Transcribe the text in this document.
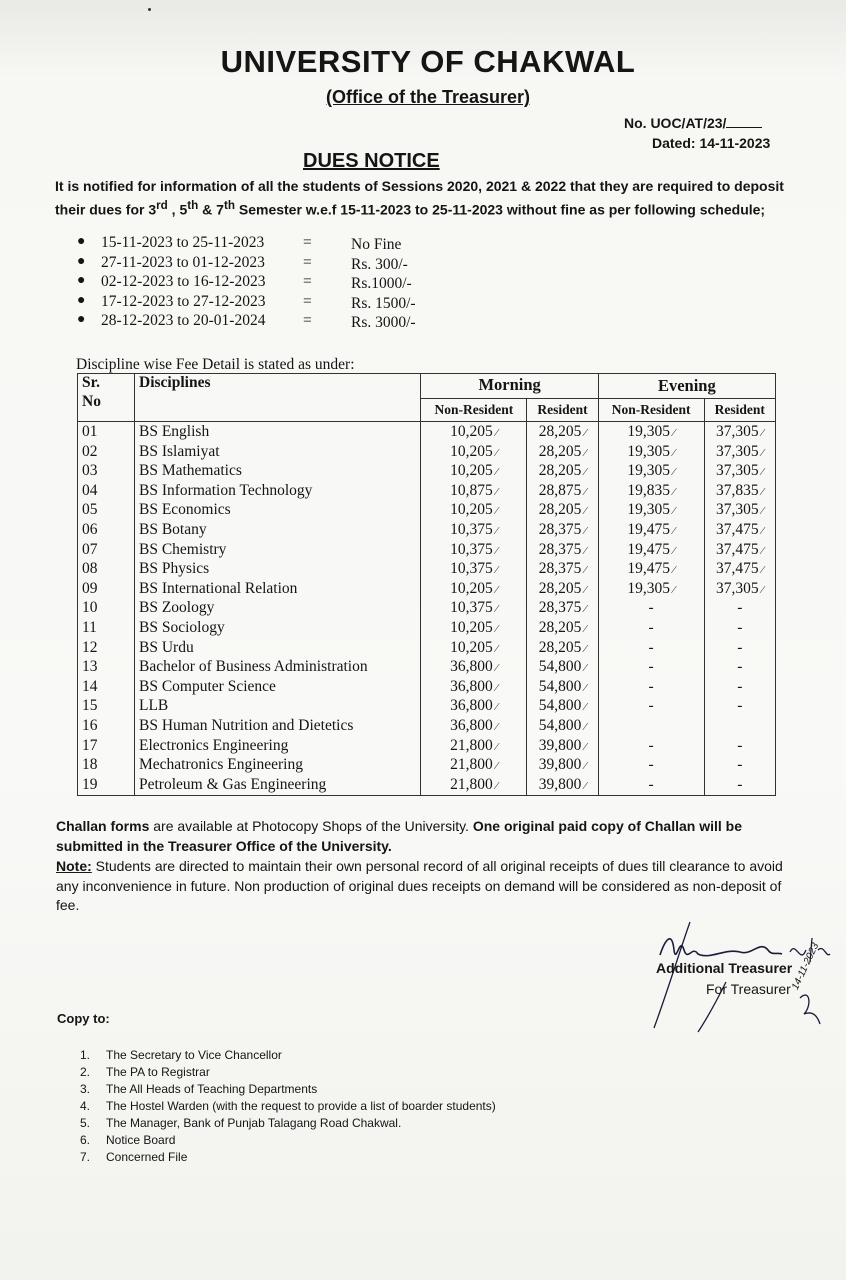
UNIVERSITY OF CHAKWAL
(Office of the Treasurer)
No. UOC/AT/23/
Dated: 14-11-2023
DUES NOTICE
It is notified for information of all the students of Sessions 2020, 2021 & 2022 that they are required to deposit their dues for 3rd , 5th & 7th Semester w.e.f 15-11-2023 to 25-11-2023 without fine as per following schedule;
● 15-11-2023 to 25-11-2023 =	No Fine
● 27-11-2023 to 01-12-2023 =	Rs. 300/-
● 02-12-2023 to 16-12-2023 =	Rs.1000/-
● 17-12-2023 to 27-12-2023 =	Rs. 1500/-
● 28-12-2023 to 20-01-2024 =	Rs. 3000/-
Discipline wise Fee Detail is stated as under:
Sr.
No	Disciplines	Morning		Evening	
		Non-Resident	Resident	Non-Resident	Resident
01	BS English	10,205 ⁄	28,205 ⁄	19,305 ⁄	37,305 ⁄
02	BS Islamiyat	10,205 ⁄	28,205 ⁄	19,305 ⁄	37,305 ⁄
03	BS Mathematics	10,205 ⁄	28,205 ⁄	19,305 ⁄	37,305 ⁄
04	BS Information Technology	10,875 ⁄	28,875 ⁄	19,835 ⁄	37,835 ⁄
05	BS Economics	10,205 ⁄	28,205 ⁄	19,305 ⁄	37,305 ⁄
06	BS Botany	10,375 ⁄	28,375 ⁄	19,475 ⁄	37,475 ⁄
07	BS Chemistry	10,375 ⁄	28,375 ⁄	19,475 ⁄	37,475 ⁄
08	BS Physics	10,375 ⁄	28,375 ⁄	19,475 ⁄	37,475 ⁄
09	BS International Relation	10,205 ⁄	28,205 ⁄	19,305 ⁄	37,305 ⁄
10	BS Zoology	10,375 ⁄	28,375 ⁄	-	-
11	BS Sociology	10,205 ⁄	28,205 ⁄	-	-
12	BS Urdu	10,205 ⁄	28,205 ⁄	-	-
13	Bachelor of Business Administration	36,800 ⁄	54,800 ⁄	-	-
14	BS Computer Science	36,800 ⁄	54,800 ⁄	-	-
15	LLB	36,800 ⁄	54,800 ⁄	-	-
16	BS Human Nutrition and Dietetics	36,800 ⁄	54,800 ⁄		
17	Electronics Engineering	21,800 ⁄	39,800 ⁄	-	-
18	Mechatronics Engineering	21,800 ⁄	39,800 ⁄	-	-
19	Petroleum & Gas Engineering	21,800 ⁄	39,800 ⁄	-	-
Challan forms are available at Photocopy Shops of the University. One original paid copy of Challan will be submitted in the Treasurer Office of the University.
Note: Students are directed to maintain their own personal record of all original receipts of dues till clearance to avoid any inconvenience in future. Non production of original dues receipts on demand will be considered as non-deposit of fee.
Additional Treasurer
For Treasurer 14-11-2023
Copy to:
1. The Secretary to Vice Chancellor
2. The PA to Registrar
3. The All Heads of Teaching Departments
4. The Hostel Warden (with the request to provide a list of boarder students)
5. The Manager, Bank of Punjab Talagang Road Chakwal.
6. Notice Board
7. Concerned File
